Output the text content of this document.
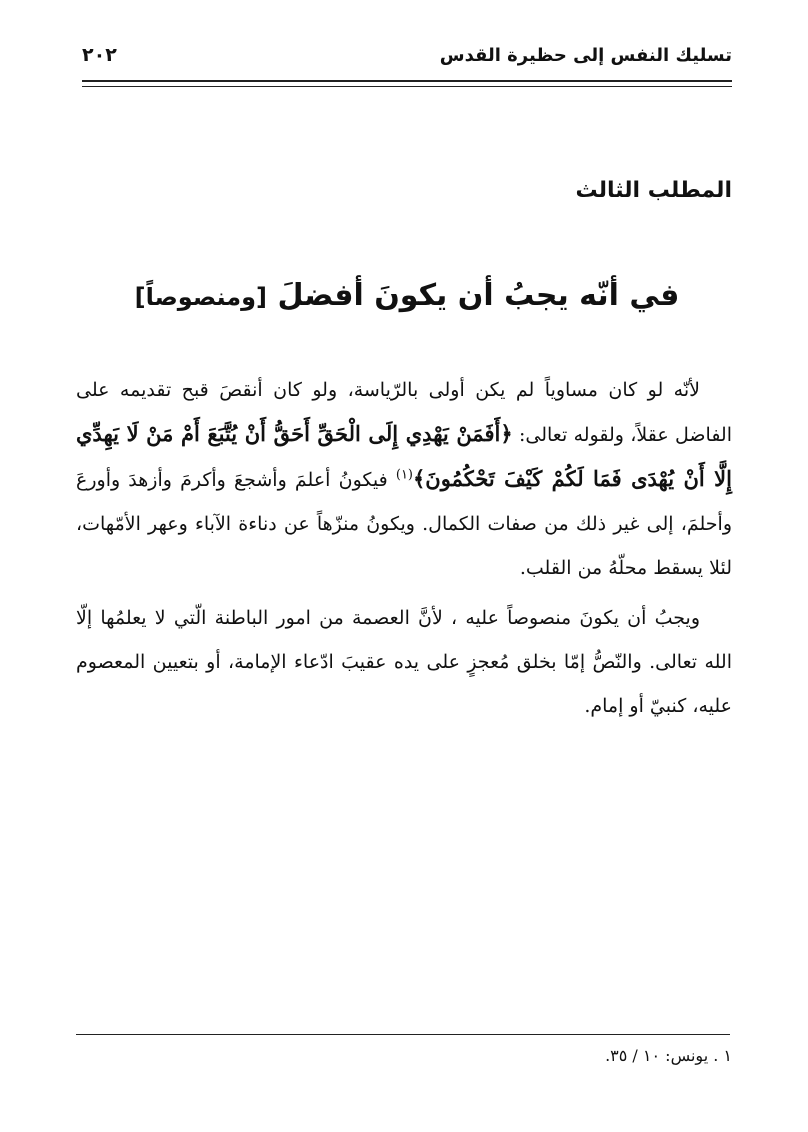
تسليك النفس إلى حظيرة القدس
٢٠٢
المطلب الثالث
في أنّه يجبُ أن يكونَ أفضلَ [ومنصوصاً]

لأنّه لو كان مساوياً لم يكن أولى بالرّياسة، ولو كان أنقصَ قبح تقديمه على الفاضل عقلاً، ولقوله تعالى: ﴿أَفَمَنْ يَهْدِي إِلَى الْحَقِّ أَحَقُّ أَنْ يُتَّبَعَ أَمْ مَنْ لَا يَهِدِّي إِلَّا أَنْ يُهْدَى فَمَا لَكُمْ كَيْفَ تَحْكُمُونَ﴾$^{(١)}$ فيكونُ أعلمَ وأشجعَ وأكرمَ وأزهدَ وأورعَ وأحلمَ، إلى غير ذلك من صفات الكمال. ويكونُ منزّهاً عن دناءة الآباء وعهر الأمّهات، لئلا يسقط محلّهُ من القلب.

ويجبُ أن يكونَ منصوصاً عليه ، لأنَّ العصمة من امور الباطنة الّتي لا يعلمُها إلّا الله تعالى. والنّصُّ إمّا بخلق مُعجزٍ على يده عقيبَ ادّعاء الإمامة، أو بتعيين المعصوم عليه، كنبيّ أو إمام.

١ . يونس: ١٠ / ٣٥.
